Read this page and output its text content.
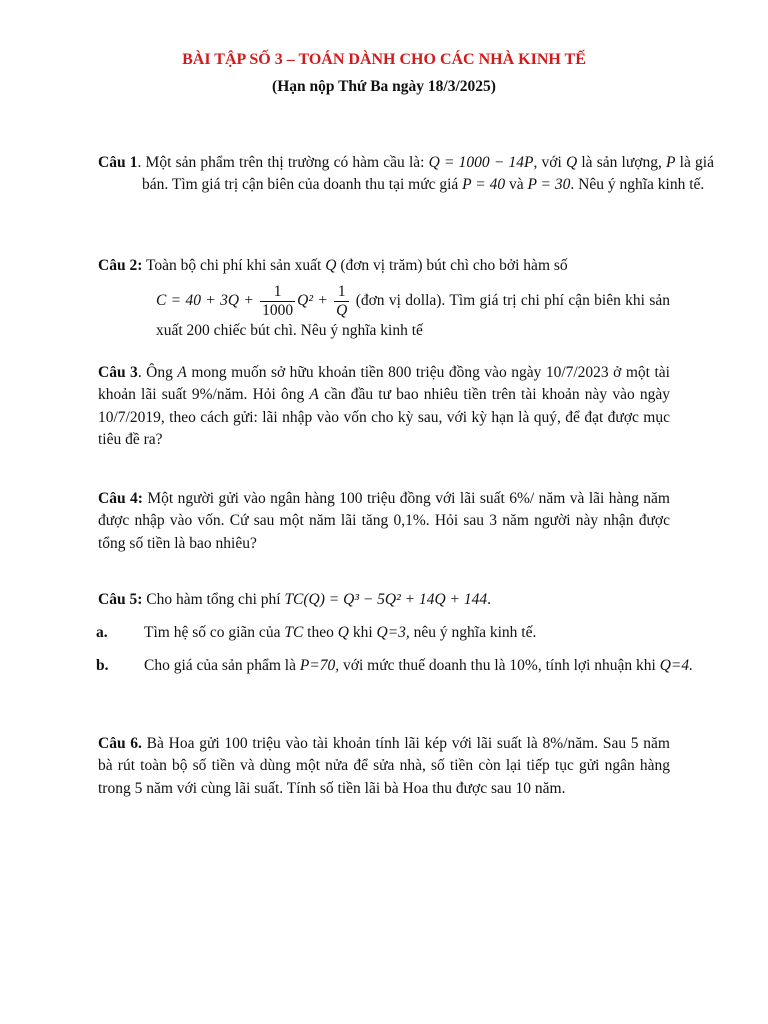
BÀI TẬP SỐ 3 – TOÁN DÀNH CHO CÁC NHÀ KINH TẾ
(Hạn nộp Thứ Ba ngày 18/3/2025)
Câu 1. Một sản phẩm trên thị trường có hàm cầu là: Q = 1000 − 14P, với Q là sản lượng, P là giá bán. Tìm giá trị cận biên của doanh thu tại mức giá P = 40 và P = 30. Nêu ý nghĩa kinh tế.
Câu 2: Toàn bộ chi phí khi sản xuất Q (đơn vị trăm) bút chì cho bởi hàm số
$C = 40 + 3Q + \frac{1}{1000} Q^2 + \frac{1}{Q}$ (đơn vị dolla). Tìm giá trị chi phí cận biên khi sản xuất 200 chiếc bút chì. Nêu ý nghĩa kinh tế
Câu 3. Ông A mong muốn sở hữu khoản tiền 800 triệu đồng vào ngày 10/7/2023 ở một tài khoản lãi suất 9%/năm. Hỏi ông A cần đầu tư bao nhiêu tiền trên tài khoản này vào ngày 10/7/2019, theo cách gửi: lãi nhập vào vốn cho kỳ sau, với kỳ hạn là quý, để đạt được mục tiêu đề ra?
Câu 4: Một người gửi vào ngân hàng 100 triệu đồng với lãi suất 6%/ năm và lãi hàng năm được nhập vào vốn. Cứ sau một năm lãi tăng 0,1%. Hỏi sau 3 năm người này nhận được tổng số tiền là bao nhiêu?
Câu 5: Cho hàm tổng chi phí TC(Q) = Q³ − 5Q² + 14Q + 144.
a. Tìm hệ số co giãn của TC theo Q khi Q=3, nêu ý nghĩa kinh tế.
b. Cho giá của sản phẩm là P=70, với mức thuế doanh thu là 10%, tính lợi nhuận khi Q=4.
Câu 6. Bà Hoa gửi 100 triệu vào tài khoản tính lãi kép với lãi suất là 8%/năm. Sau 5 năm bà rút toàn bộ số tiền và dùng một nửa để sửa nhà, số tiền còn lại tiếp tục gửi ngân hàng trong 5 năm với cùng lãi suất. Tính số tiền lãi bà Hoa thu được sau 10 năm.
